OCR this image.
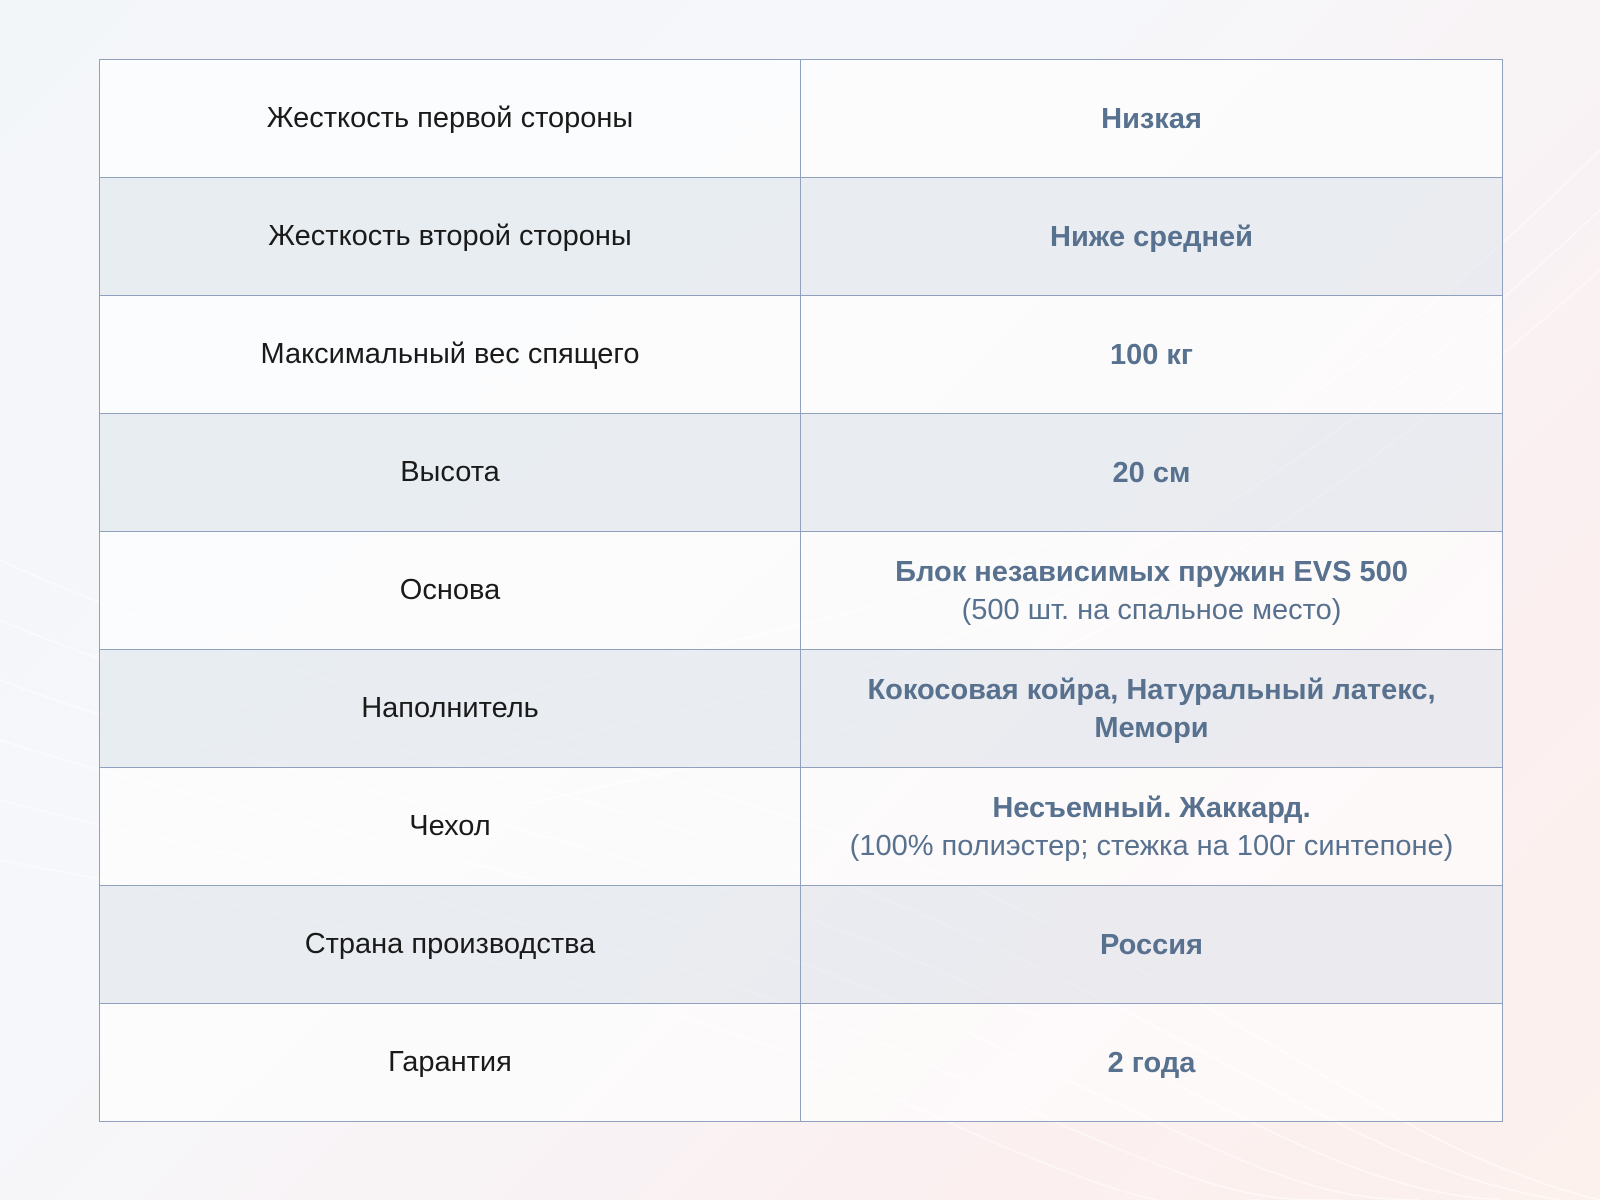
Жесткость первой стороны	Низкая

Жесткость второй стороны	Ниже средней

Максимальный вес спящего	100 кг

Высота	20 см

Основа	Блок независимых пружин EVS 500
(500 шт. на спальное место)

Наполнитель	Кокосовая койра, Натуральный латекс, Мемори

Чехол	Несъемный. Жаккард.
(100% полиэстер; стежка на 100г синтепоне)

Страна производства	Россия

Гарантия	2 года
